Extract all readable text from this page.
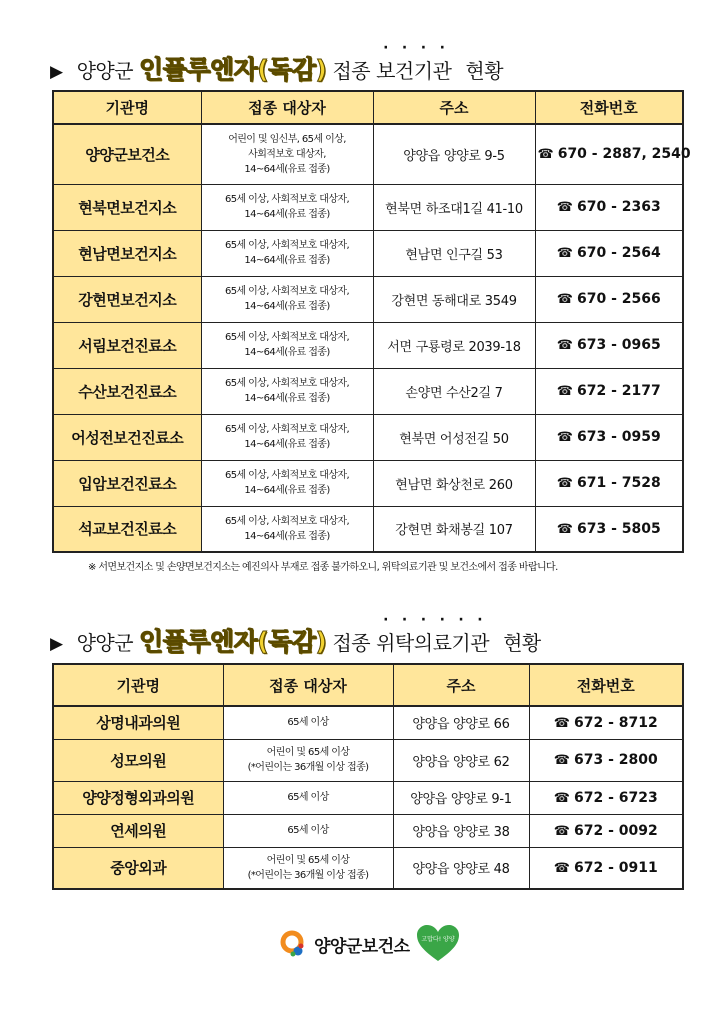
▶ 양양군 인플루엔자(독감) 접종 보건기관 현황
기관명	접종 대상자	주소	전화번호
양양군보건소	어린이 및 임신부, 65세 이상,
사회적보호 대상자,
14~64세(유료 접종)	양양읍 양양로 9-5	☎ 670 - 2887, 2540
현북면보건지소	65세 이상, 사회적보호 대상자,
14~64세(유료 접종)	현북면 하조대1길 41-10	☎ 670 - 2363
현남면보건지소	65세 이상, 사회적보호 대상자,
14~64세(유료 접종)	현남면 인구길 53	☎ 670 - 2564
강현면보건지소	65세 이상, 사회적보호 대상자,
14~64세(유료 접종)	강현면 동해대로 3549	☎ 670 - 2566
서림보건진료소	65세 이상, 사회적보호 대상자,
14~64세(유료 접종)	서면 구룡령로 2039-18	☎ 673 - 0965
수산보건진료소	65세 이상, 사회적보호 대상자,
14~64세(유료 접종)	손양면 수산2길 7	☎ 672 - 2177
어성전보건진료소	65세 이상, 사회적보호 대상자,
14~64세(유료 접종)	현북면 어성전길 50	☎ 673 - 0959
입암보건진료소	65세 이상, 사회적보호 대상자,
14~64세(유료 접종)	현남면 화상천로 260	☎ 671 - 7528
석교보건진료소	65세 이상, 사회적보호 대상자,
14~64세(유료 접종)	강현면 화채봉길 107	☎ 673 - 5805
※ 서면보건지소 및 손양면보건지소는 예진의사 부재로 접종 불가하오니, 위탁의료기관 및 보건소에서 접종 바랍니다.
▶ 양양군 인플루엔자(독감) 접종 위탁의료기관 현황
기관명	접종 대상자	주소	전화번호
상명내과의원	65세 이상	양양읍 양양로 66	☎ 672 - 8712
성모의원	어린이 및 65세 이상
(*어린이는 36개월 이상 접종)	양양읍 양양로 62	☎ 673 - 2800
양양정형외과의원	65세 이상	양양읍 양양로 9-1	☎ 672 - 6723
연세의원	65세 이상	양양읍 양양로 38	☎ 672 - 0092
중앙외과	어린이 및 65세 이상
(*어린이는 36개월 이상 접종)	양양읍 양양로 48	☎ 672 - 0911
양양군보건소 고맙다! 양양
